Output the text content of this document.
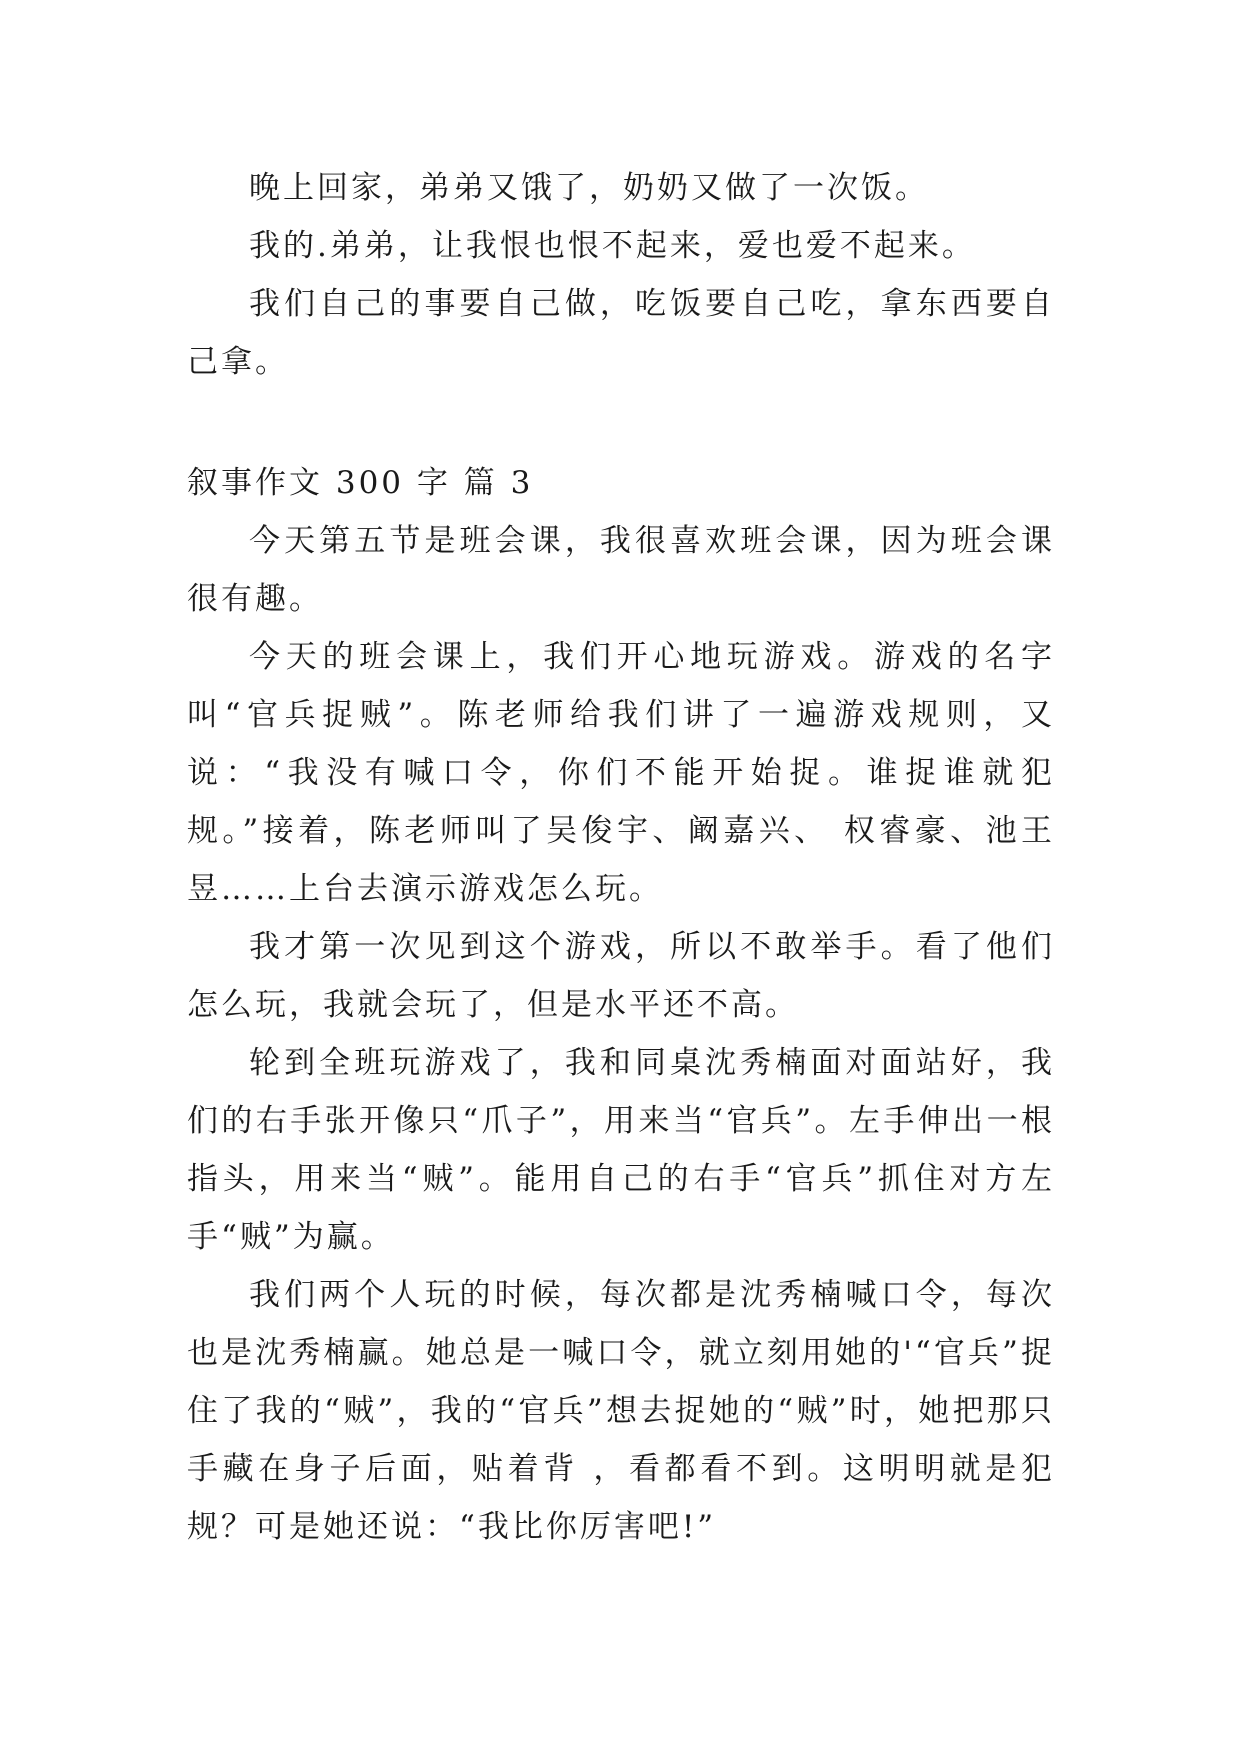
晚上回家，弟弟又饿了，奶奶又做了一次饭。

我的.弟弟，让我恨也恨不起来，爱也爱不起来。

我们自己的事要自己做，吃饭要自己吃，拿东西要自己拿。

叙事作文 300 字 篇 3

今天第五节是班会课，我很喜欢班会课，因为班会课很有趣。

今天的班会课上，我们开心地玩游戏。游戏的名字叫“官兵捉贼”。陈老师给我们讲了一遍游戏规则，又说：“我没有喊口令，你们不能开始捉。谁捉谁就犯规。”接着，陈老师叫了吴俊宇、阚嘉兴、 权睿豪、池王昱……上台去演示游戏怎么玩。

我才第一次见到这个游戏，所以不敢举手。看了他们怎么玩，我就会玩了，但是水平还不高。

轮到全班玩游戏了，我和同桌沈秀楠面对面站好，我们的右手张开像只“爪子”，用来当“官兵”。左手伸出一根指头，用来当“贼”。能用自己的右手“官兵”抓住对方左手“贼”为赢。

我们两个人玩的时候，每次都是沈秀楠喊口令，每次也是沈秀楠赢。她总是一喊口令，就立刻用她的'“官兵”捉住了我的“贼”，我的“官兵”想去捉她的“贼”时，她把那只手藏在身子后面，贴着背 ，看都看不到。这明明就是犯规？可是她还说：“我比你厉害吧!”
